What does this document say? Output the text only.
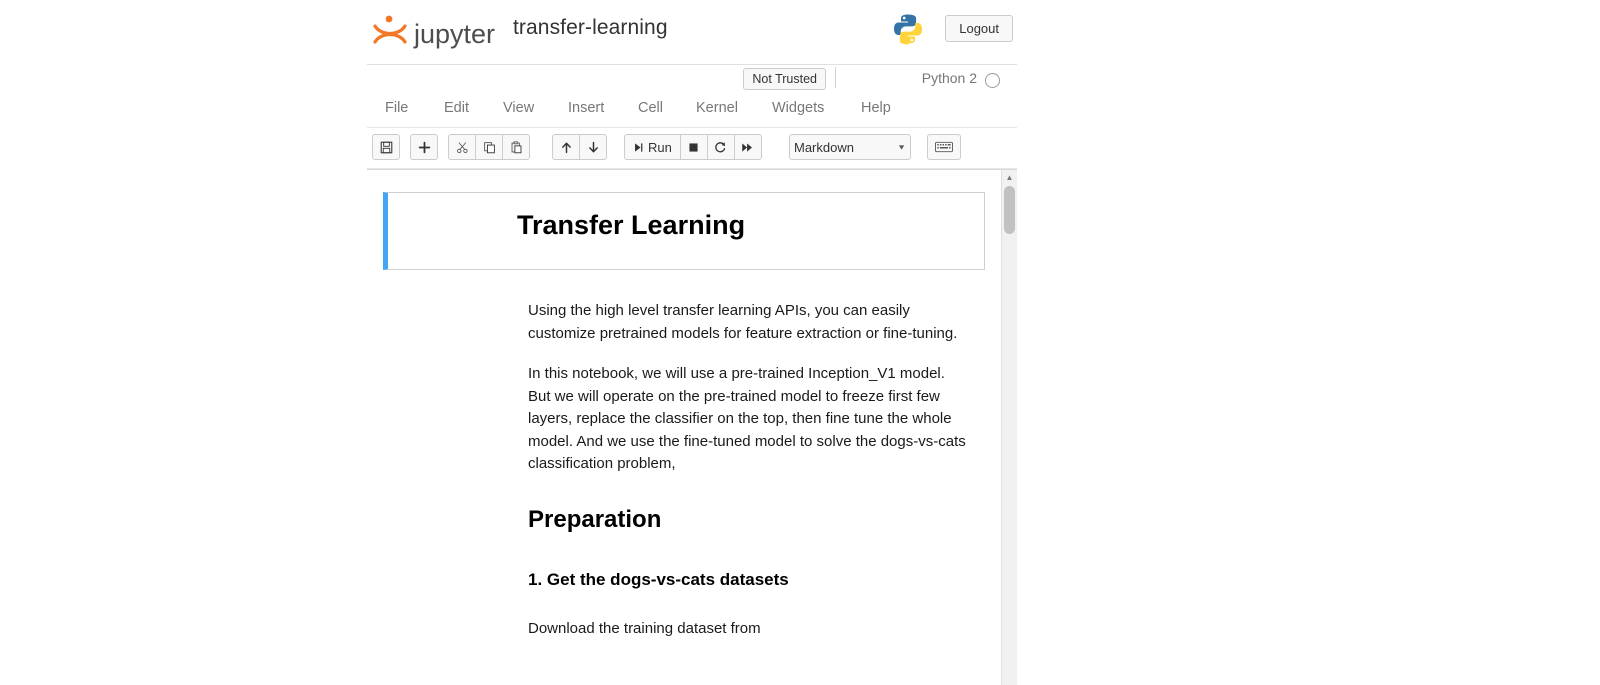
jupyter transfer-learning	Logout
Not Trusted	Python 2
File Edit View Insert Cell Kernel Widgets	Help
Run	Markdown	▼
Transfer Learning

Using the high level transfer learning APIs, you can easily customize pretrained models for feature extraction or fine-tuning.

In this notebook, we will use a pre-trained Inception_V1 model. But we will operate on the pre-trained model to freeze first few layers, replace the classifier on the top, then fine tune the whole model. And we use the fine-tuned model to solve the dogs-vs-cats classification problem,

Preparation
1. Get the dogs-vs-cats datasets

Download the training dataset from

▲
